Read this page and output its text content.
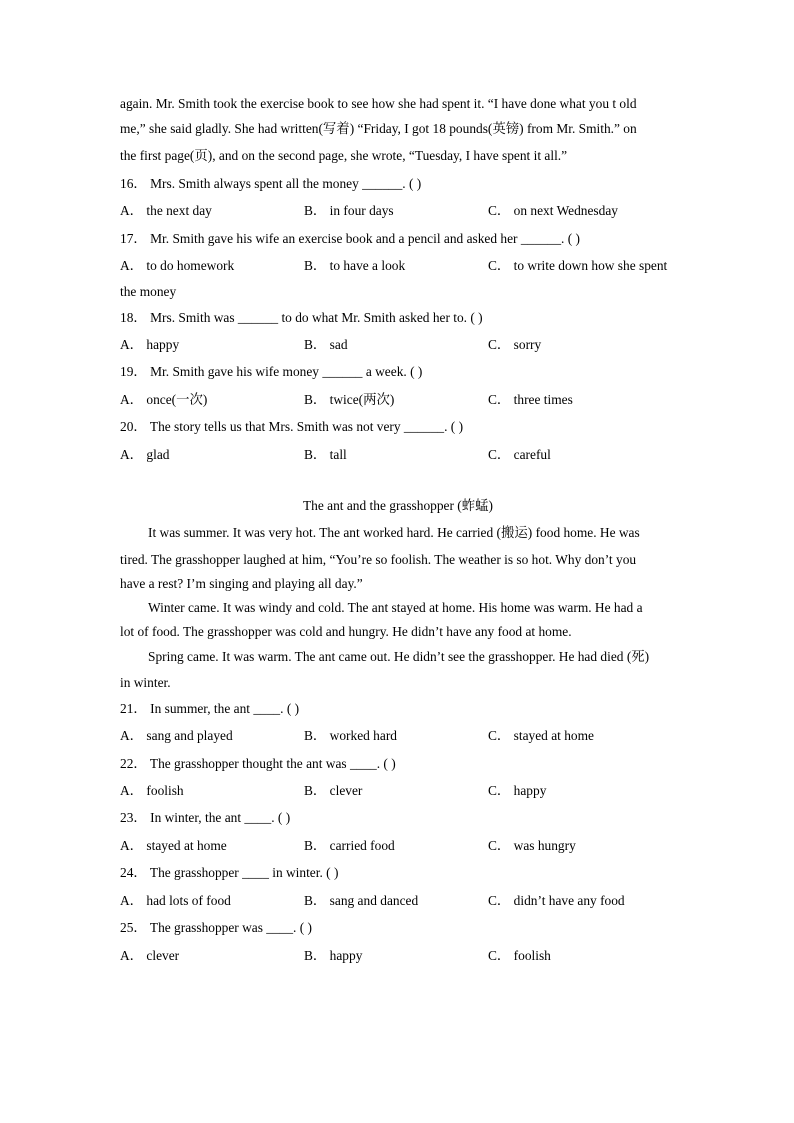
again. Mr. Smith took the exercise book to see how she had spent it. “I have done what you t old
me,” she said gladly. She had written(写着) “Friday, I got 18 pounds(英镑) from Mr. Smith.” on
the first page(页), and on the second page, she wrote, “Tuesday, I have spent it all.”
16． Mrs. Smith always spent all the money ______. ( )
A． the next day	B． in four days	C． on next Wednesday
17． Mr. Smith gave his wife an exercise book and a pencil and asked her ______. ( )
A． to do homework	B． to have a look	C． to write down how she spent
the money
18． Mrs. Smith was ______ to do what Mr. Smith asked her to. ( )
A． happy	B． sad	C． sorry
19． Mr. Smith gave his wife money ______ a week. ( )
A． once(一次)	B． twice(两次)	C． three times
20． The story tells us that Mrs. Smith was not very ______. ( )
A． glad	B． tall	C． careful
The ant and the grasshopper (蚱蜢)
It was summer. It was very hot. The ant worked hard. He carried (搬运) food home. He was
tired. The grasshopper laughed at him, “You’re so foolish. The weather is so hot. Why don’t you
have a rest? I’m singing and playing all day.”
Winter came. It was windy and cold. The ant stayed at home. His home was warm. He had a
lot of food. The grasshopper was cold and hungry. He didn’t have any food at home.
Spring came. It was warm. The ant came out. He didn’t see the grasshopper. He had died (死)
in winter.
21． In summer, the ant ____. ( )
A． sang and played	B． worked hard	C． stayed at home
22． The grasshopper thought the ant was ____. ( )
A． foolish	B． clever	C． happy
23． In winter, the ant ____. ( )
A． stayed at home	B． carried food	C． was hungry
24． The grasshopper ____ in winter. ( )
A． had lots of food	B． sang and danced	C． didn’t have any food
25． The grasshopper was ____. ( )
A． clever	B． happy	C． foolish
